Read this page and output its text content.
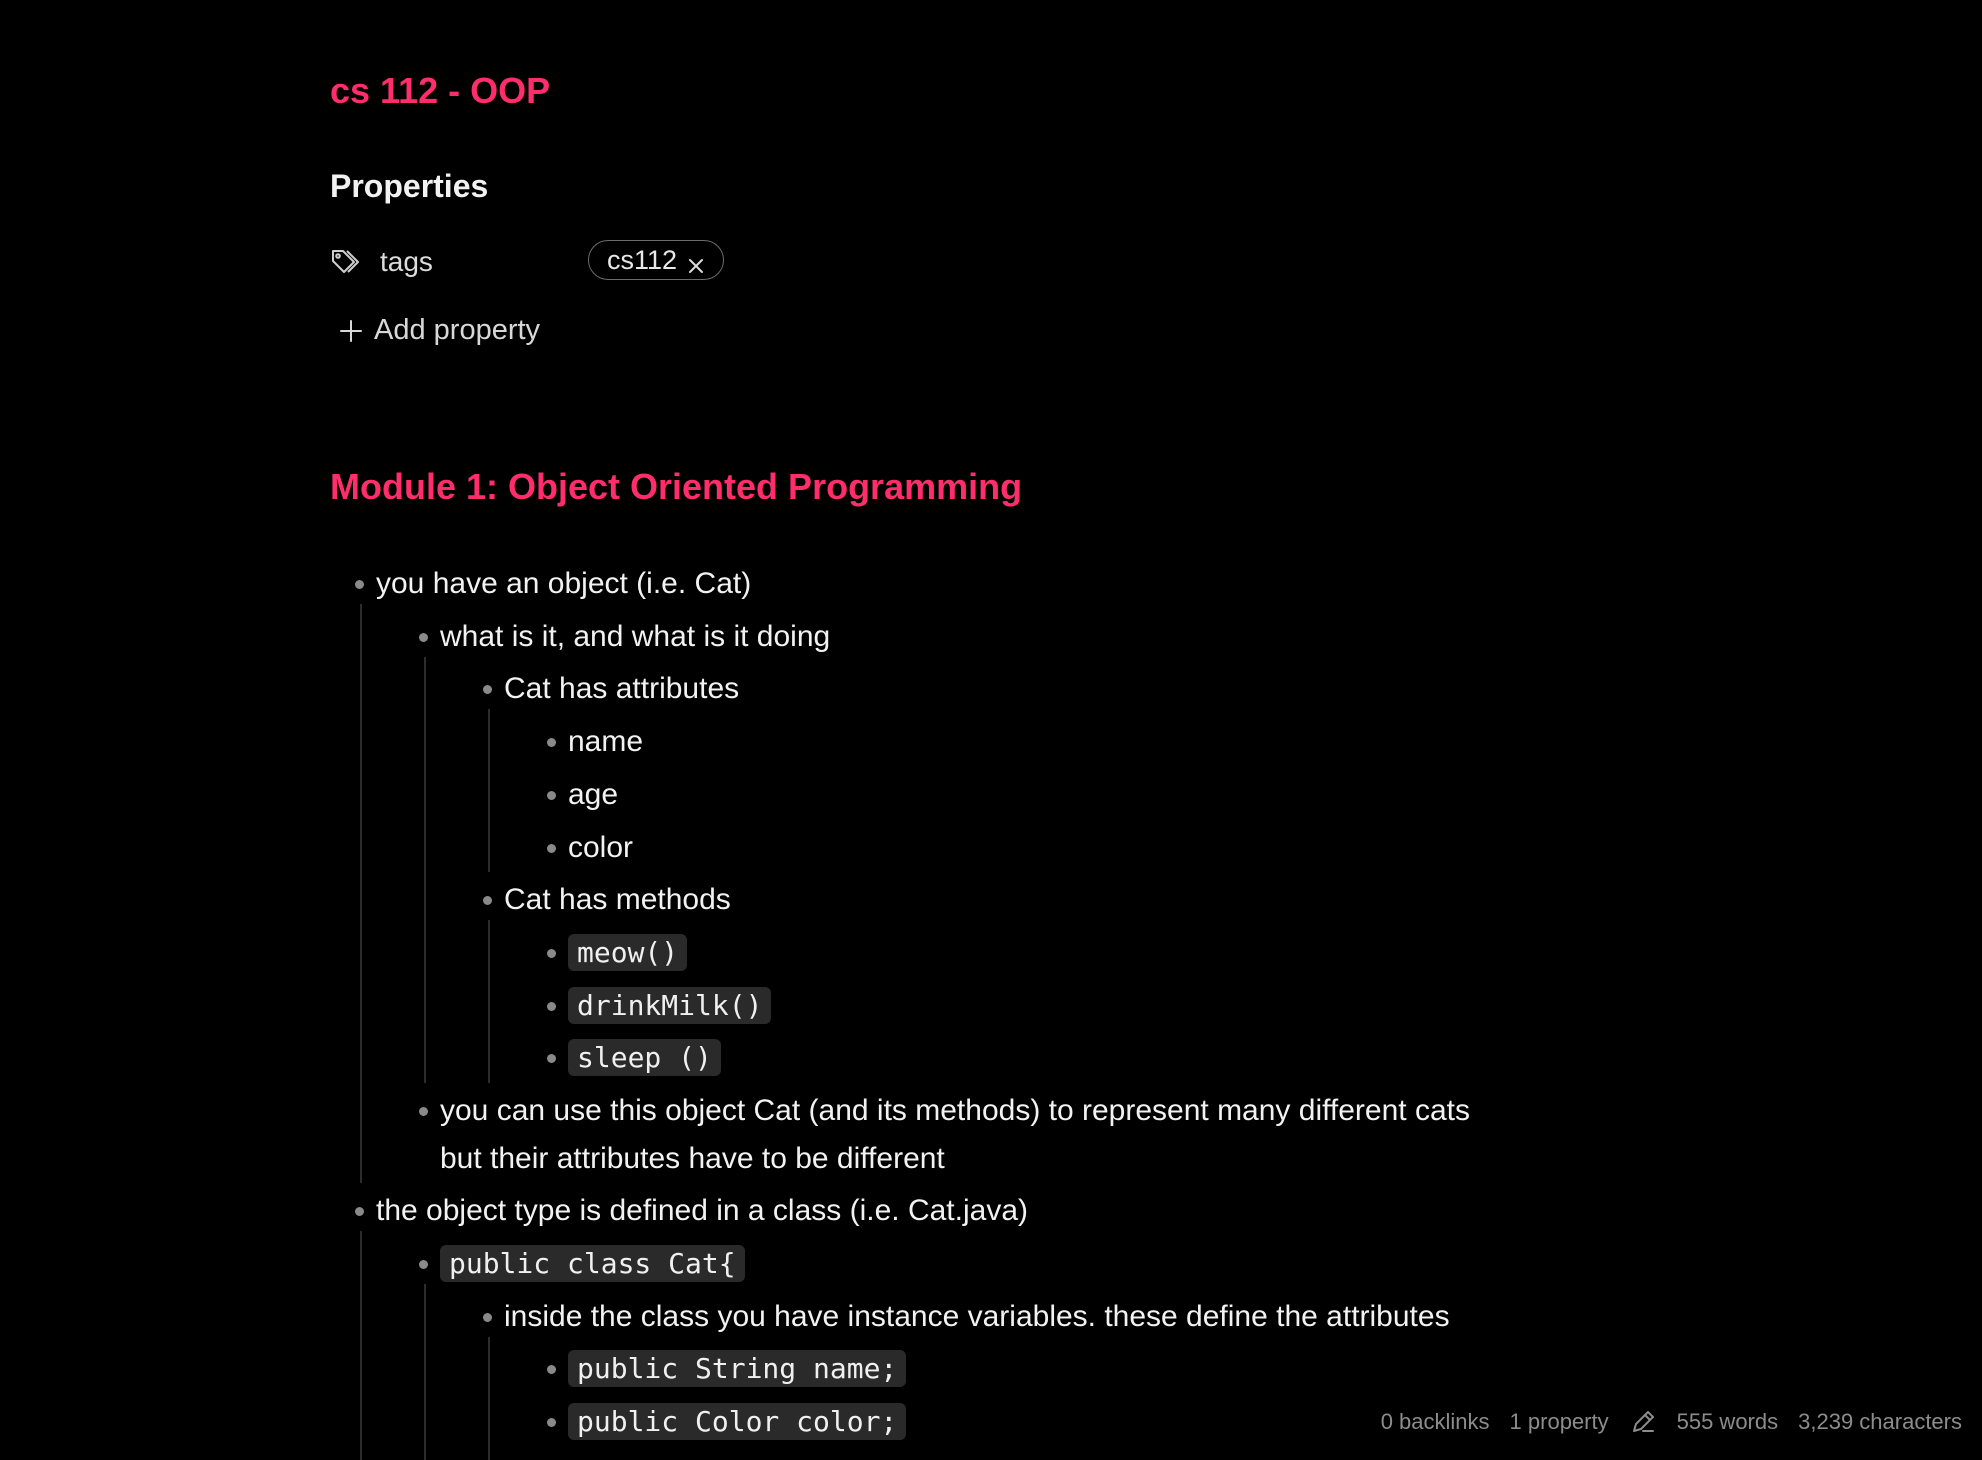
cs 112 - OOP
Properties
tags	cs112
Add property
Module 1: Object Oriented Programming
you have an object (i.e. Cat)
what is it, and what is it doing
Cat has attributes
name
age
color
Cat has methods
meow()
drinkMilk()
sleep ()
you can use this object Cat (and its methods) to represent many different cats
but their attributes have to be different
the object type is defined in a class (i.e. Cat.java)
public class Cat{
inside the class you have instance variables. these define the attributes
public String name;
public Color color;	0 backlinks 1 property	555 words 3,239 characters
